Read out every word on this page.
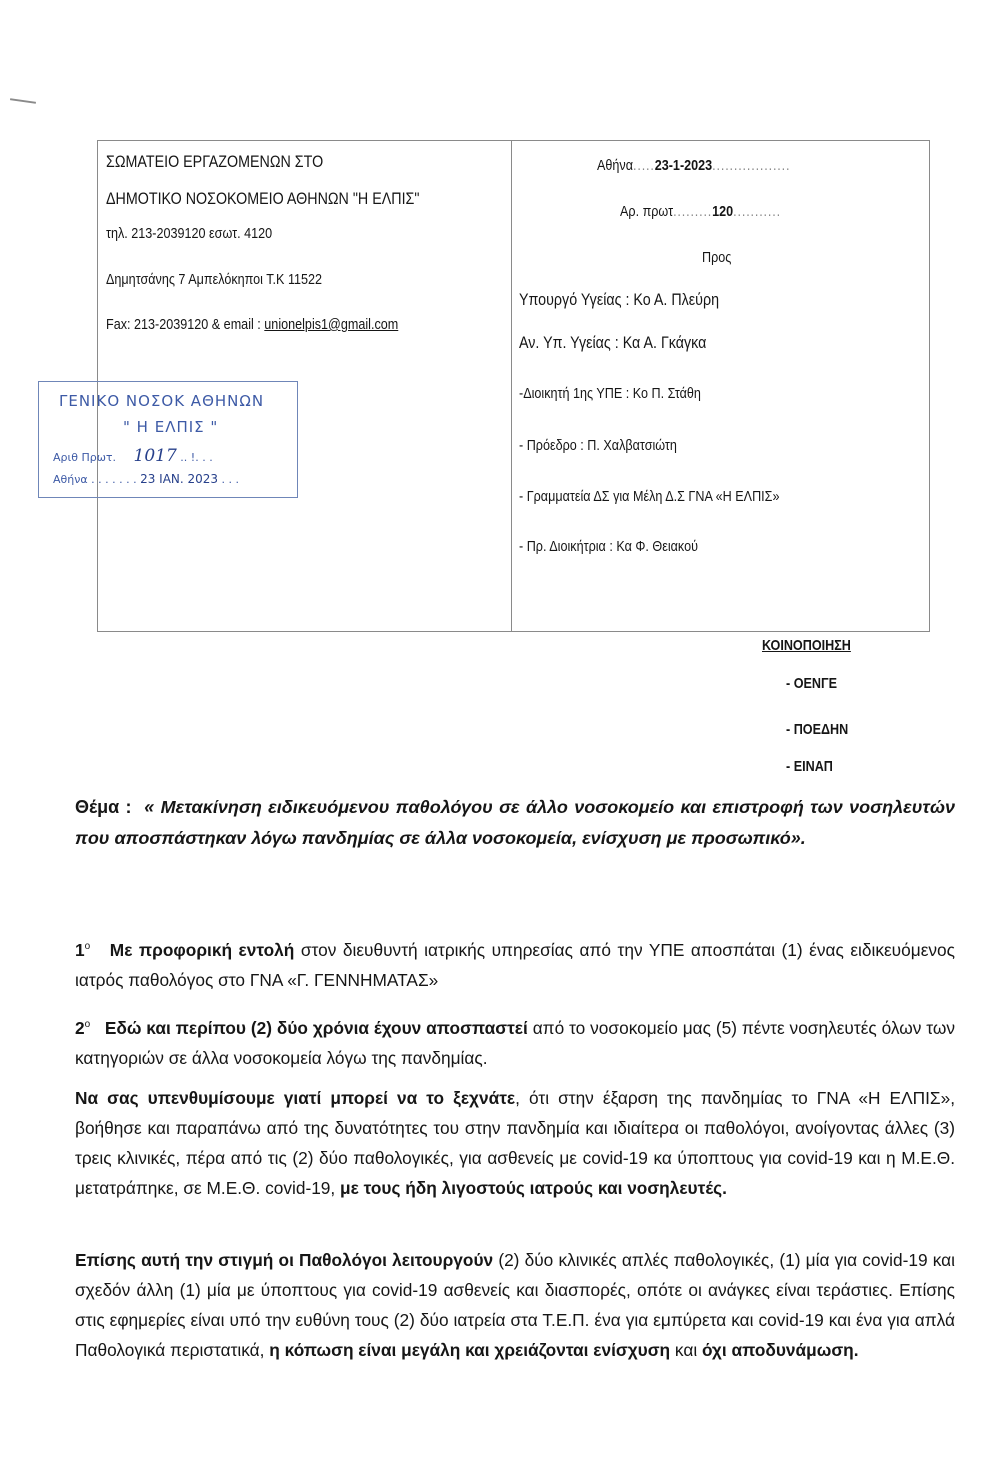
ΣΩΜΑΤΕΙΟ ΕΡΓΑΖΟΜΕΝΩΝ ΣΤΟ
ΔΗΜΟΤΙΚΟ ΝΟΣΟΚΟΜΕΙΟ ΑΘΗΝΩΝ "Η ΕΛΠΙΣ"
τηλ. 213-2039120 εσωτ. 4120
Δημητσάνης 7 Αμπελόκηποι Τ.Κ 11522
Fax: 213-2039120 & email : unionelpis1@gmail.com
Αθήνα.....23-1-2023..................
Αρ. πρωτ.........120...........
Προς
Υπουργό Υγείας : Κο Α. Πλεύρη
Αν. Υπ. Υγείας : Κα Α. Γκάγκα
-Διοικητή 1ης ΥΠΕ : Κο Π. Στάθη
- Πρόεδρο : Π. Χαλβατσιώτη
- Γραμματεία ΔΣ για Μέλη Δ.Σ ΓΝΑ «Η ΕΛΠΙΣ»
- Πρ. Διοικήτρια : Κα Φ. Θειακού
ΓΕΝΙΚΟ ΝΟΣΟΚ ΑΘΗΝΩΝ
" Η ΕΛΠΙΣ "
Αριθ Πρωτ. 1017 .. !. . .
Αθήνα . . . . . . . 23 ΙΑΝ. 2023 . . .
ΚΟΙΝΟΠΟΙΗΣΗ
- ΟΕΝΓΕ
- ΠΟΕΔΗΝ
- ΕΙΝΑΠ
Θέμα : « Μετακίνηση ειδικευόμενου παθολόγου σε άλλο νοσοκομείο και επιστροφή των νοσηλευτών που αποσπάστηκαν λόγω πανδημίας σε άλλα νοσοκομεία, ενίσχυση με προσωπικό».
1$^o$ Με προφορική εντολή στον διευθυντή ιατρικής υπηρεσίας από την ΥΠΕ αποσπάται (1) ένας ειδικευόμενος ιατρός παθολόγος στο ΓΝΑ «Γ. ΓΕΝΝΗΜΑΤΑΣ»
2$^o$ Εδώ και περίπου (2) δύο χρόνια έχουν αποσπαστεί από το νοσοκομείο μας (5) πέντε νοσηλευτές όλων των κατηγοριών σε άλλα νοσοκομεία λόγω της πανδημίας.
Να σας υπενθυμίσουμε γιατί μπορεί να το ξεχνάτε, ότι στην έξαρση της πανδημίας το ΓΝΑ «Η ΕΛΠΙΣ», βοήθησε και παραπάνω από της δυνατότητες του στην πανδημία και ιδιαίτερα οι παθολόγοι, ανοίγοντας άλλες (3) τρεις κλινικές, πέρα από τις (2) δύο παθολογικές, για ασθενείς με covid-19 κα ύποπτους για covid-19 και η Μ.Ε.Θ. μετατράπηκε, σε Μ.Ε.Θ. covid-19, με τους ήδη λιγοστούς ιατρούς και νοσηλευτές.
Επίσης αυτή την στιγμή οι Παθολόγοι λειτουργούν (2) δύο κλινικές απλές παθολογικές, (1) μία για covid-19 και σχεδόν άλλη (1) μία με ύποπτους για covid-19 ασθενείς και διασπορές, οπότε οι ανάγκες είναι τεράστιες. Επίσης στις εφημερίες είναι υπό την ευθύνη τους (2) δύο ιατρεία στα Τ.Ε.Π. ένα για εμπύρετα και covid-19 και ένα για απλά Παθολογικά περιστατικά, η κόπωση είναι μεγάλη και χρειάζονται ενίσχυση και όχι αποδυνάμωση.
